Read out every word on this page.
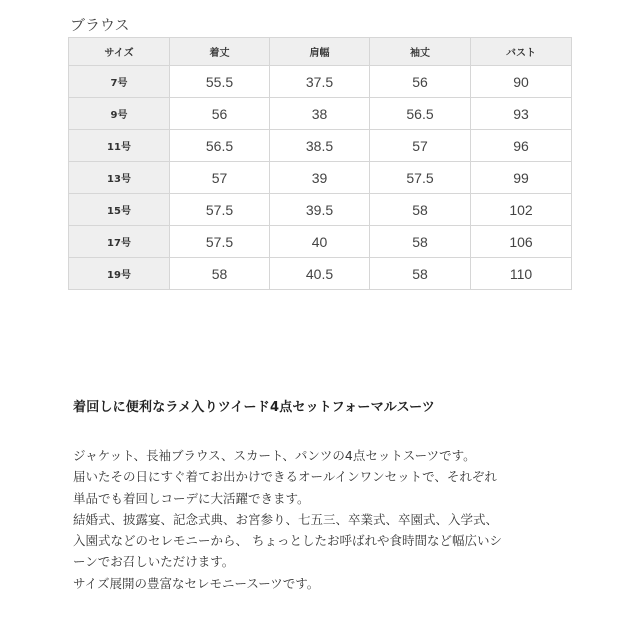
ブラウス
サイズ	着丈	肩幅	袖丈	バスト
7号	55.5	37.5	56	90
9号	56	38	56.5	93
11号	56.5	38.5	57	96
13号	57	39	57.5	99
15号	57.5	39.5	58	102
17号	57.5	40	58	106
19号	58	40.5	58	110
着回しに便利なラメ入りツイード4点セットフォーマルスーツ
ジャケット、長袖ブラウス、スカート、パンツの4点セットスーツです。
届いたその日にすぐ着てお出かけできるオールインワンセットで、それぞれ
単品でも着回しコーデに大活躍できます。
結婚式、披露宴、記念式典、お宮参り、七五三、卒業式、卒園式、入学式、
入園式などのセレモニーから、 ちょっとしたお呼ばれや食時間など幅広いシ
ーンでお召しいただけます。
サイズ展開の豊富なセレモニースーツです。
